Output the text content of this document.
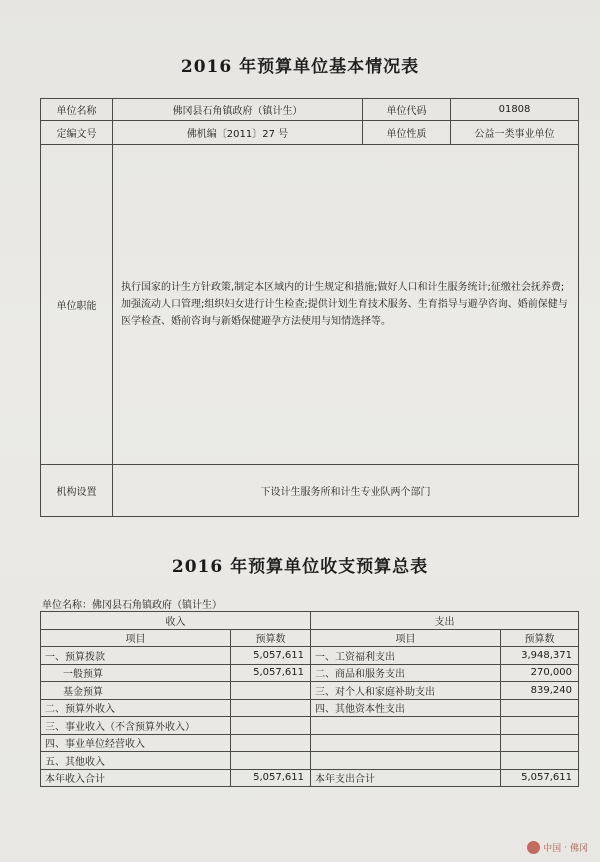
2016 年预算单位基本情况表
单位名称	佛冈县石角镇政府（镇计生）	单位代码	01808
定编文号	佛机编〔2011〕27 号	单位性质	公益一类事业单位
单位职能	执行国家的计生方针政策,制定本区域内的计生规定和措施;做好人口和计生服务统计;征缴社会抚养费;加强流动人口管理;组织妇女进行计生检查;提供计划生育技术服务、生育指导与避孕咨询、婚前保健与医学检查、婚前咨询与新婚保健避孕方法使用与知情选择等。		
机构设置	下设计生服务所和计生专业队两个部门		
2016 年预算单位收支预算总表
单位名称：佛冈县石角镇政府（镇计生）
收入		支出	
项目	预算数	项目	预算数
一、预算拨款	5,057,611	一、工资福利支出	3,948,371
一般预算	5,057,611	二、商品和服务支出	270,000
基金预算		三、对个人和家庭补助支出	839,240
二、预算外收入		四、其他资本性支出	
三、事业收入（不含预算外收入）			
四、事业单位经营收入			
五、其他收入			
本年收入合计	5,057,611	本年支出合计	5,057,611
中国 · 佛冈
